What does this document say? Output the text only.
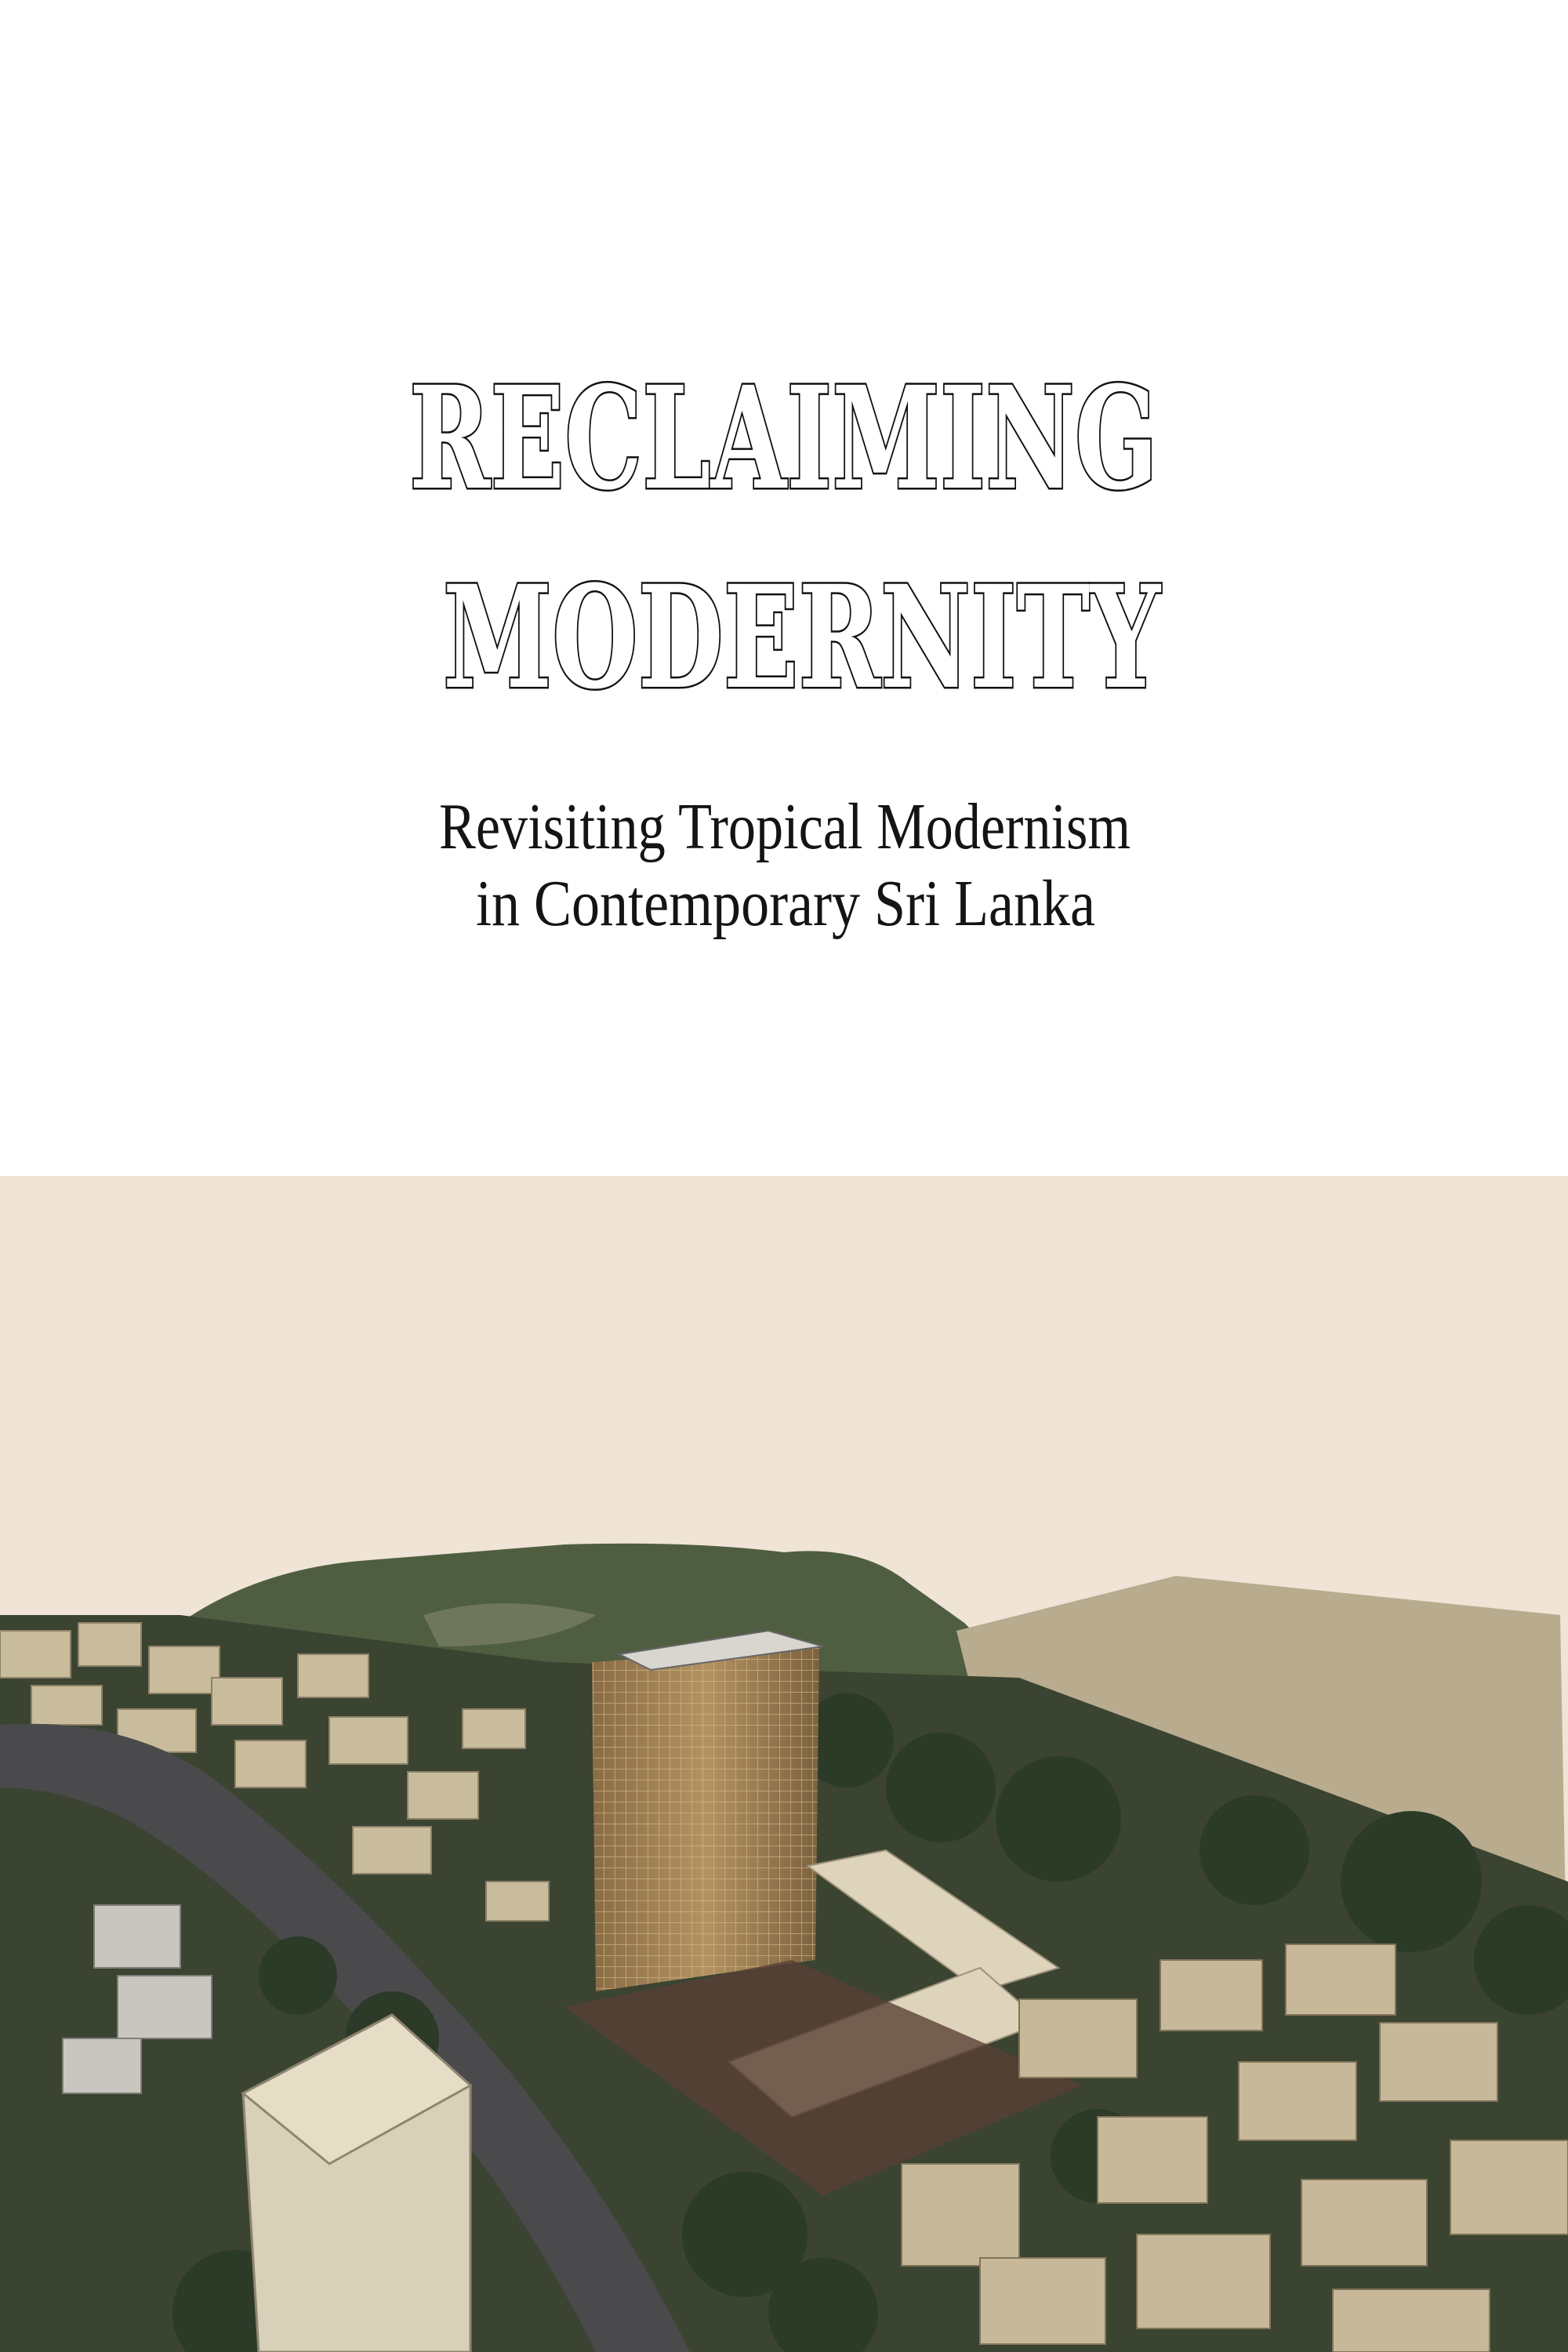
RECLAIMING
MODERNITY
Revisiting Tropical Modernism
in Contemporary Sri Lanka
